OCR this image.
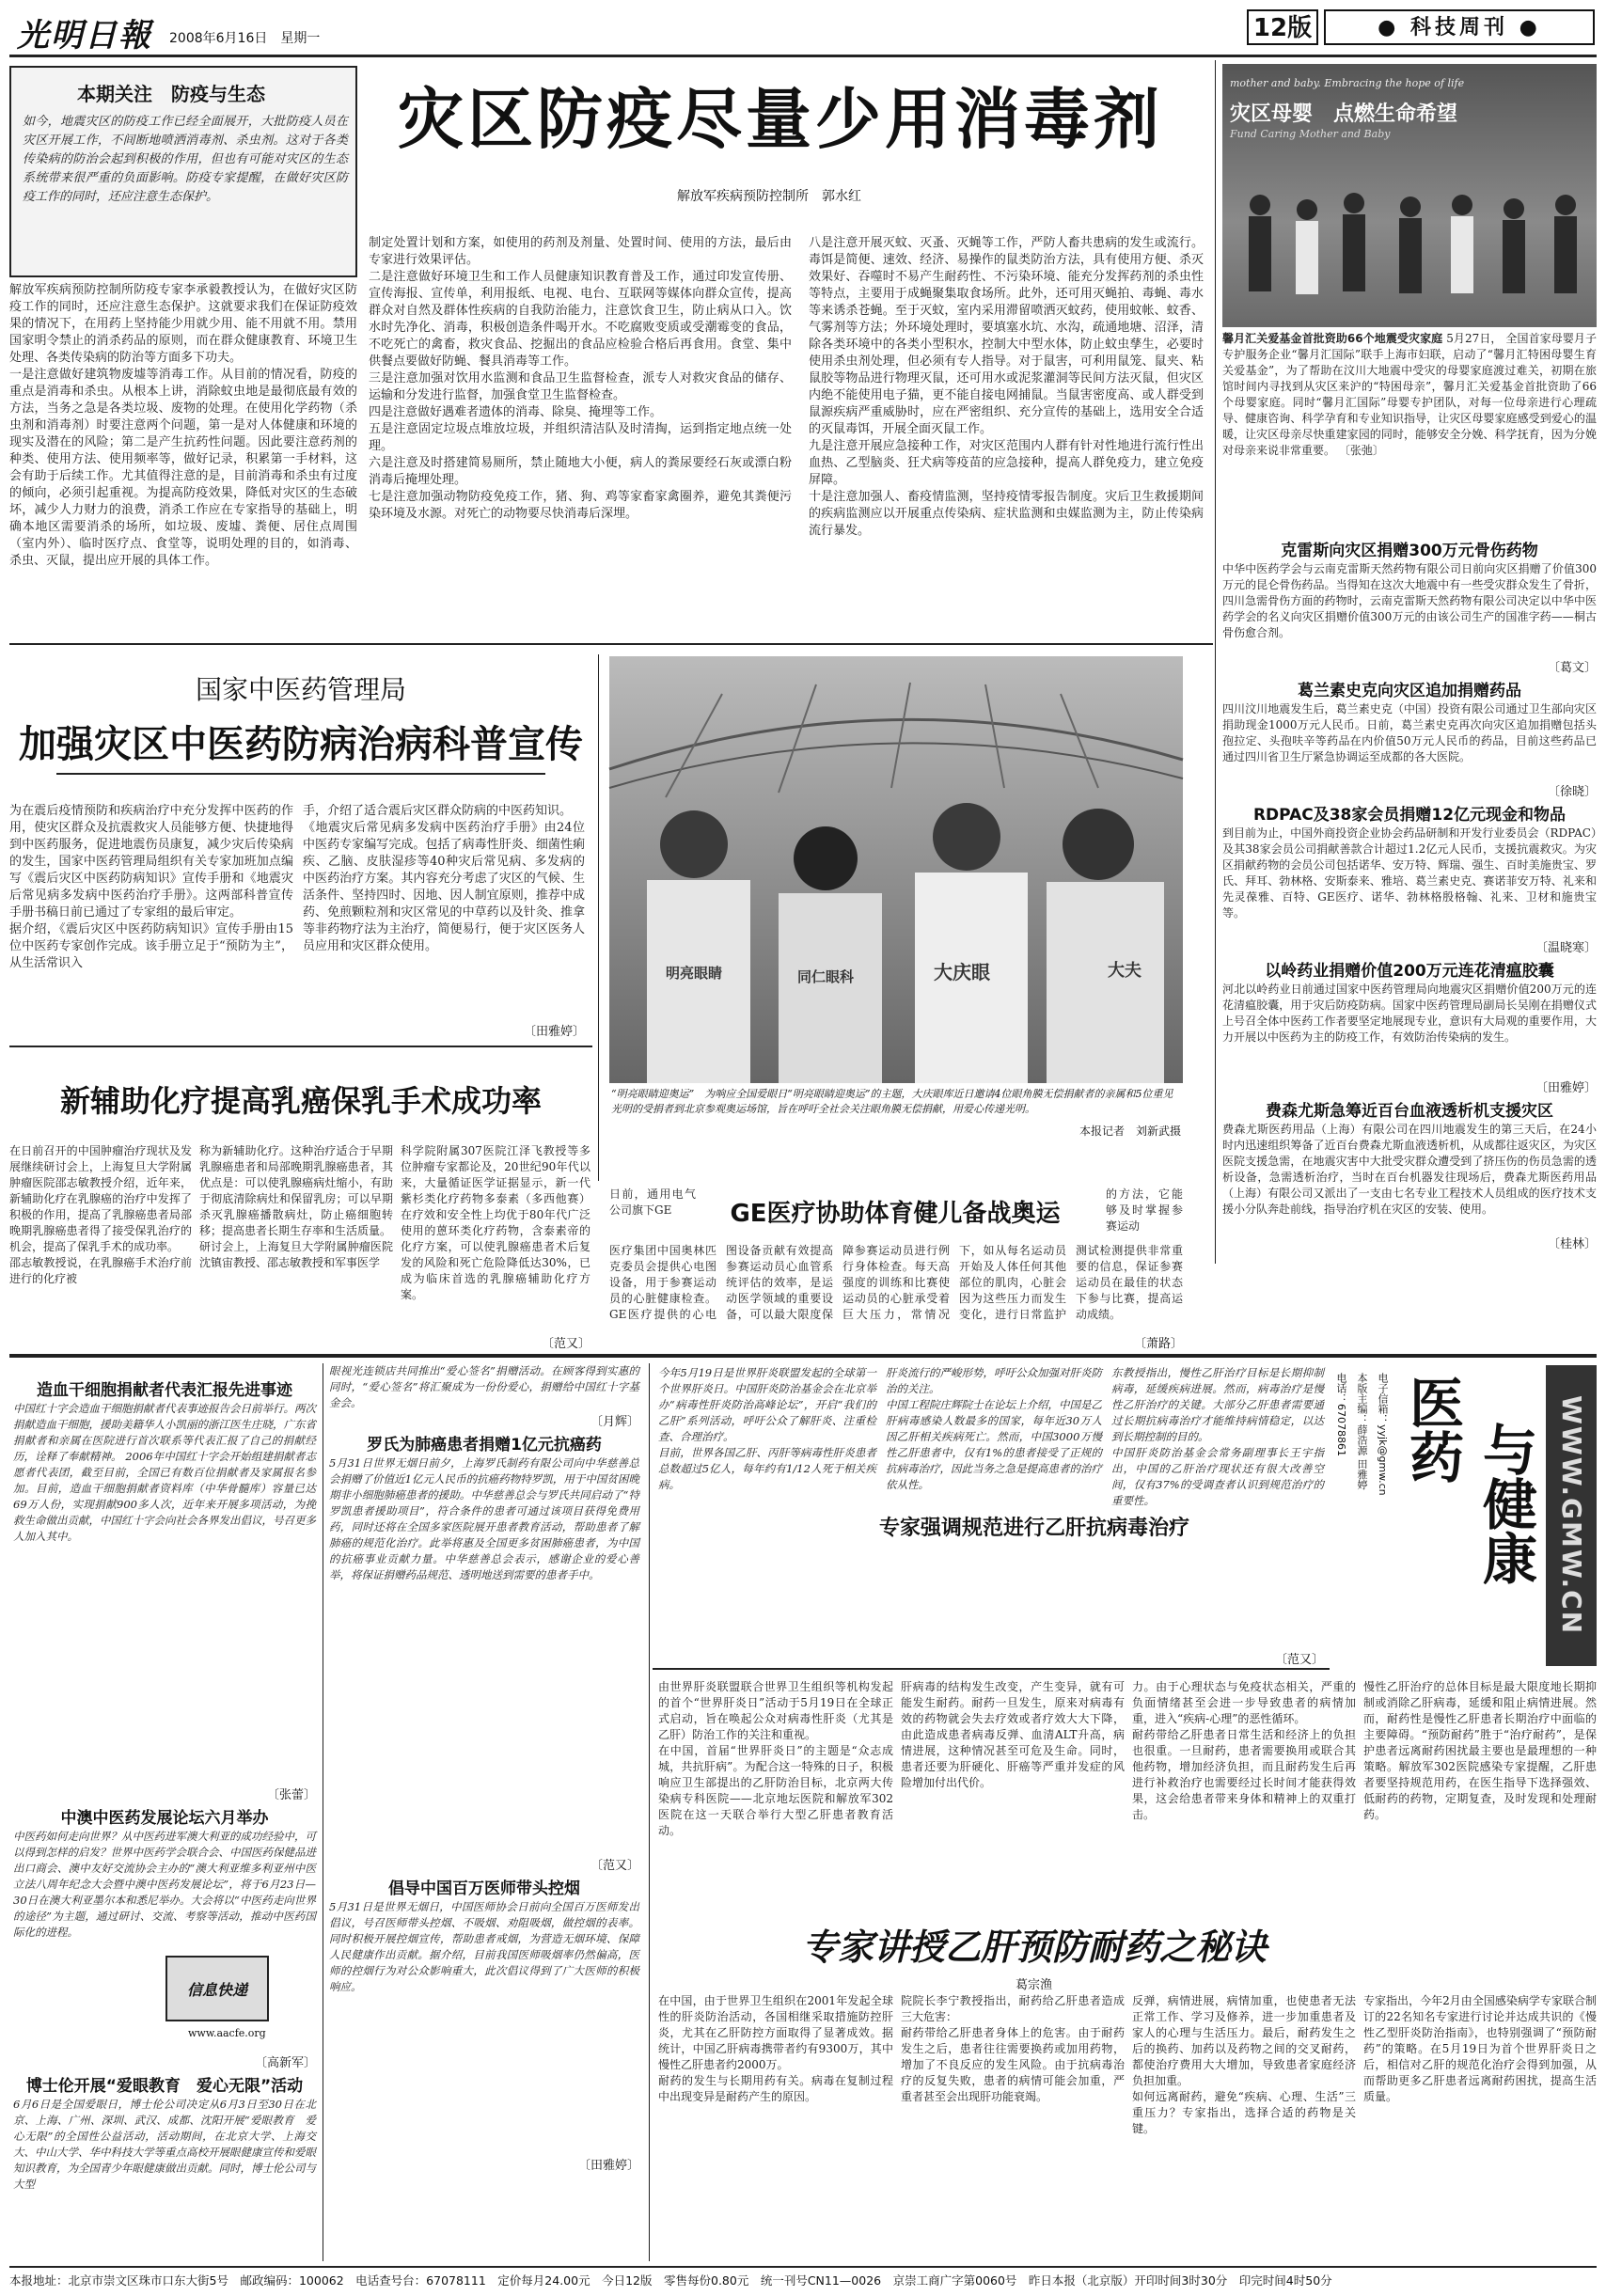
光明日報 2008年6月16日　星期一	12版	● 科技周刊 ●
本期关注　防疫与生态
如今，地震灾区的防疫工作已经全面展开，大批防疫人员在灾区开展工作，不间断地喷洒消毒剂、杀虫剂。这对于各类传染病的防治会起到积极的作用，但也有可能对灾区的生态系统带来很严重的负面影响。防疫专家提醒，在做好灾区防疫工作的同时，还应注意生态保护。
解放军疾病预防控制所防疫专家李承毅教授认为，在做好灾区防疫工作的同时，还应注意生态保护。这就要求我们在保证防疫效果的情况下，在用药上坚持能少用就少用、能不用就不用。禁用国家明令禁止的消杀药品的原则，而在群众健康教育、环境卫生处理、各类传染病的防治等方面多下功夫。
一是注意做好建筑物废墟等消毒工作。从目前的情况看，防疫的重点是消毒和杀虫。从根本上讲，消除蚊虫地是最彻底最有效的方法，当务之急是各类垃圾、废物的处理。在使用化学药物（杀虫剂和消毒剂）时要注意两个问题，第一是对人体健康和环境的现实及潜在的风险；第二是产生抗药性问题。因此要注意药剂的种类、使用方法、使用频率等，做好记录，积累第一手材料，这会有助于后续工作。尤其值得注意的是，目前消毒和杀虫有过度的倾向，必须引起重视。为提高防疫效果，降低对灾区的生态破坏，减少人力财力的浪费，消杀工作应在专家指导的基础上，明确本地区需要消杀的场所，如垃圾、废墟、粪便、居住点周围（室内外）、临时医疗点、食堂等，说明处理的目的，如消毒、杀虫、灭鼠，提出应开展的具体工作。
灾区防疫尽量少用消毒剂
解放军疾病预防控制所　郭水红
制定处置计划和方案，如使用的药剂及剂量、处置时间、使用的方法，最后由专家进行效果评估。
二是注意做好环境卫生和工作人员健康知识教育普及工作，通过印发宣传册、宣传海报、宣传单，利用报纸、电视、电台、互联网等媒体向群众宣传，提高群众对自然及群体性疾病的自我防治能力，注意饮食卫生，防止病从口入。饮水时先净化、消毒，积极创造条件喝开水。不吃腐败变质或受潮霉变的食品，不吃死亡的禽畜，救灾食品、挖掘出的食品应检验合格后再食用。食堂、集中供餐点要做好防蝇、餐具消毒等工作。
三是注意加强对饮用水监测和食品卫生监督检查，派专人对救灾食品的储存、运输和分发进行监督，加强食堂卫生监督检查。
四是注意做好遇难者遗体的消毒、除臭、掩埋等工作。
五是注意固定垃圾点堆放垃圾，并组织清洁队及时清掏，运到指定地点统一处理。
六是注意及时搭建简易厕所，禁止随地大小便，病人的粪尿要经石灰或漂白粉消毒后掩埋处理。
七是注意加强动物防疫免疫工作，猪、狗、鸡等家畜家禽圈养，避免其粪便污染环境及水源。对死亡的动物要尽快消毒后深埋。
八是注意开展灭蚊、灭蚤、灭蝇等工作，严防人畜共患病的发生或流行。毒饵是简便、速效、经济、易操作的鼠类防治方法，具有使用方便、杀灭效果好、吞噬时不易产生耐药性、不污染环境、能充分发挥药剂的杀虫性等特点，主要用于成蝇聚集取食场所。此外，还可用灭蝇拍、毒蝇、毒水等来诱杀苍蝇。至于灭蚊，室内采用滞留喷洒灭蚊药，使用蚊帐、蚊香、气雾剂等方法；外环境处理时，要填塞水坑、水沟，疏通地塘、沼泽，清除各类环境中的各类小型积水，控制大中型水体，防止蚊虫孳生，必要时使用杀虫剂处理，但必须有专人指导。对于鼠害，可利用鼠笼、鼠夹、粘鼠胶等物品进行物理灭鼠，还可用水或泥浆灌洞等民间方法灭鼠，但灾区内绝不能使用电子猫，更不能自接电网捕鼠。当鼠害密度高、或人群受到鼠源疾病严重威胁时，应在严密组织、充分宣传的基础上，选用安全合适的灭鼠毒饵，开展全面灭鼠工作。
九是注意开展应急接种工作，对灾区范围内人群有针对性地进行流行性出血热、乙型脑炎、狂犬病等疫苗的应急接种，提高人群免疫力，建立免疫屏障。
十是注意加强人、畜疫情监测，坚持疫情零报告制度。灾后卫生救援期间的疾病监测应以开展重点传染病、症状监测和虫媒监测为主，防止传染病流行暴发。
mother and baby. Embracing the hope of life
灾区母婴　点燃生命希望
Fund Caring Mother and Baby
馨月汇关爱基金首批资助66个地震受灾家庭 5月27日， 全国首家母婴月子专护服务企业“馨月汇国际”联手上海市妇联，启动了“馨月汇特困母婴生育关爱基金”，为了帮助在汶川大地震中受灾的母婴家庭渡过难关，初期在旅馆时间内寻找到从灾区来沪的“特困母亲”，馨月汇关爱基金首批资助了66个母婴家庭。同时“馨月汇国际”母婴专护团队，对每一位母亲进行心理疏导、健康咨询、科学孕育和专业知识指导，让灾区母婴家庭感受到爱心的温暖，让灾区母亲尽快重建家园的同时，能够安全分娩、科学抚育，因为分娩对母亲来说非常重要。 〔张弛〕
克雷斯向灾区捐赠300万元骨伤药物
中华中医药学会与云南克雷斯天然药物有限公司日前向灾区捐赠了价值300万元的昆仑骨伤药品。当得知在这次大地震中有一些受灾群众发生了骨折，四川急需骨伤方面的药物时，云南克雷斯天然药物有限公司决定以中华中医药学会的名义向灾区捐赠价值300万元的由该公司生产的国准字药——桐古骨伤愈合剂。
〔葛文〕
葛兰素史克向灾区追加捐赠药品
四川汶川地震发生后，葛兰素史克（中国）投资有限公司通过卫生部向灾区捐助现金1000万元人民币。日前，葛兰素史克再次向灾区追加捐赠包括头孢拉定、头孢呋辛等药品在内价值50万元人民币的药品，目前这些药品已通过四川省卫生厅紧急协调运至成都的各大医院。
〔徐晓〕
RDPAC及38家会员捐赠12亿元现金和物品
到目前为止，中国外商投资企业协会药品研制和开发行业委员会（RDPAC）及其38家会员公司捐献善款合计超过1.2亿元人民币，支援抗震救灾。为灾区捐献药物的会员公司包括诺华、安万特、辉瑞、强生、百时美施贵宝、罗氏、拜耳、勃林格、安斯泰来、雅培、葛兰素史克、赛诺菲安万特、礼来和先灵葆雅、百特、GE医疗、诺华、勃林格殷格翰、礼来、卫材和施贵宝等。
〔温晓寒〕
以岭药业捐赠价值200万元连花清瘟胶囊
河北以岭药业日前通过国家中医药管理局向地震灾区捐赠价值200万元的连花清瘟胶囊，用于灾后防疫防病。国家中医药管理局副局长吴刚在捐赠仪式上号召全体中医药工作者要坚定地展现专业，意识有大局观的重要作用，大力开展以中医药为主的防疫工作，有效防治传染病的发生。
〔田雅婷〕
费森尤斯急筹近百台血液透析机支援灾区
费森尤斯医药用品（上海）有限公司在四川地震发生的第三天后，在24小时内迅速组织筹备了近百台费森尤斯血液透析机，从成都往返灾区，为灾区医院支援急需，在地震灾害中大批受灾群众遭受到了挤压伤的伤员急需的透析设备，急需透析治疗，当时在百台机器发往现场后，费森尤斯医药用品（上海）有限公司又派出了一支由七名专业工程技术人员组成的医疗技术支援小分队奔赴前线，指导治疗机在灾区的安装、使用。
〔桂林〕
国家中医药管理局
加强灾区中医药防病治病科普宣传
为在震后疫情预防和疾病治疗中充分发挥中医药的作用，使灾区群众及抗震救灾人员能够方便、快捷地得到中医药服务，促进地震伤员康复，减少灾后传染病的发生，国家中医药管理局组织有关专家加班加点编写《震后灾区中医药防病知识》宣传手册和《地震灾后常见病多发病中医药治疗手册》。这两部科普宣传手册书稿日前已通过了专家组的最后审定。
据介绍，《震后灾区中医药防病知识》宣传手册由15位中医药专家创作完成。该手册立足于“预防为主”，从生活常识入
手，介绍了适合震后灾区群众防病的中医药知识。
《地震灾后常见病多发病中医药治疗手册》由24位中医药专家编写完成。包括了病毒性肝炎、细菌性痢疾、乙脑、皮肤湿疹等40种灾后常见病、多发病的中医药治疗方案。其内容充分考虑了灾区的气候、生活条件、坚持四时、因地、因人制宜原则，推荐中成药、免煎颗粒剂和灾区常见的中草药以及针灸、推拿等非药物疗法为主治疗，简便易行，便于灾区医务人员应用和灾区群众使用。
〔田雅婷〕
明亮眼睛	同仁眼科	大庆眼	大夫
“明亮眼睛迎奥运”　为响应全国爱眼日“明亮眼睛迎奥运”的主题，大庆眼库近日邀请4位眼角膜无偿捐献者的亲属和5位重见光明的受捐者到北京参观奥运场馆，旨在呼吁全社会关注眼角膜无偿捐献，用爱心传递光明。
本报记者　刘新武摄
新辅助化疗提高乳癌保乳手术成功率
在日前召开的中国肿瘤治疗现状及发展继续研讨会上，上海复旦大学附属肿瘤医院邵志敏教授介绍，近年来，新辅助化疗在乳腺癌的治疗中发挥了积极的作用，提高了乳腺癌患者局部晚期乳腺癌患者得了接受保乳治疗的机会，提高了保乳手术的成功率。
邵志敏教授说，在乳腺癌手术治疗前进行的化疗被
称为新辅助化疗。这种治疗适合于早期乳腺癌患者和局部晚期乳腺癌患者，其优点是：可以使乳腺癌病灶缩小，有助于彻底清除病灶和保留乳房；可以早期杀灭乳腺癌播散病灶，防止癌细胞转移；提高患者长期生存率和生活质量。
研讨会上，上海复旦大学附属肿瘤医院沈镇宙教授、邵志敏教授和军事医学
科学院附属307医院江泽飞教授等多位肿瘤专家都论及，20世纪90年代以来，大量循证医学证据显示，新一代紫杉类化疗药物多泰素（多西他赛）在疗效和安全性上均优于80年代广泛使用的蒽环类化疗药物，含泰素帝的化疗方案，可以使乳腺癌患者术后复发的风险和死亡危险降低达30%，已成为临床首选的乳腺癌辅助化疗方案。
〔范又〕
日前，通用电气公司旗下GE	GE医疗协助体育健儿备战奥运
的方法，它能够及时掌握参赛运动
医疗集团中国奥林匹克委员会提供心电图设备，用于参赛运动员的心脏健康检查。GE医疗提供的心电图设备贡献有效提高参赛运动员心血管系统评估的效率，是运动医学领域的重要设备，可以最大限度保障参赛运动员进行例行身体检查。每天高强度的训练和比赛使运动员的心脏承受着巨大压力，常情况下，如从每名运动员开始及人体任何其他部位的肌肉，心脏会因为这些压力而发生变化，进行日常监护测试检测提供非常重要的信息，保证参赛运动员在最佳的状态下参与比赛，提高运动成绩。
〔萧路〕
造血干细胞捐献者代表汇报先进事迹
中国红十字会造血干细胞捐献者代表事迹报告会日前举行。两次捐献造血干细胞，援助美籍华人小凯丽的浙江医生庄晓，广东省捐献者和亲属在医院进行首次联系等代表汇报了自己的捐献经历，诠释了奉献精神。 2006年中国红十字会开始组建捐献者志愿者代表团，截至目前，全国已有数百位捐献者及家属报名参加。目前，造血干细胞捐献者资料库（中华骨髓库）容量已达69万人份，实现捐献900多人次，近年来开展多项活动，为挽救生命做出贡献，中国红十字会向社会各界发出倡议，号召更多人加入其中。
〔张蕾〕
中澳中医药发展论坛六月举办
中医药如何走向世界？从中医药进军澳大利亚的成功经验中，可以得到怎样的启发？世界中医药学会联合会、中国医药保健品进出口商会、澳中友好交流协会主办的“澳大利亚维多利亚州中医立法八周年纪念大会暨中澳中医药发展论坛”，将于6月23日—30日在澳大利亚墨尔本和悉尼举办。大会将以“中医药走向世界的途径”为主题，通过研讨、交流、考察等活动，推动中医药国际化的进程。
〔高新军〕
博士伦开展“爱眼教育　爱心无限”活动
6月6日是全国爱眼日，博士伦公司决定从6月3日至30日在北京、上海、广州、深圳、武汉、成都、沈阳开展“爱眼教育　爱心无限”的全国性公益活动，活动期间，在北京大学、上海交大、中山大学、华中科技大学等重点高校开展眼健康宣传和爱眼知识教育，为全国青少年眼健康做出贡献。同时，博士伦公司与大型
眼视光连锁店共同推出“爱心签名”捐赠活动。在顾客得到实惠的同时，“爱心签名”将汇聚成为一份份爱心，捐赠给中国红十字基金会。
〔月辉〕
罗氏为肺癌患者捐赠1亿元抗癌药
5月31日世界无烟日前夕，上海罗氏制药有限公司向中华慈善总会捐赠了价值近1亿元人民币的抗癌药物特罗凯，用于中国贫困晚期非小细胞肺癌患者的援助。中华慈善总会与罗氏共同启动了“特罗凯患者援助项目”，符合条件的患者可通过该项目获得免费用药，同时还将在全国多家医院展开患者教育活动，帮助患者了解肺癌的规范化治疗。此举将惠及全国更多贫困肺癌患者，为中国的抗癌事业贡献力量。中华慈善总会表示，感谢企业的爱心善举，将保证捐赠药品规范、透明地送到需要的患者手中。
〔范又〕
倡导中国百万医师带头控烟
5月31日是世界无烟日，中国医师协会日前向全国百万医师发出倡议，号召医师带头控烟、不吸烟、劝阻吸烟，做控烟的表率。同时积极开展控烟宣传，帮助患者戒烟，为营造无烟环境、保障人民健康作出贡献。据介绍，目前我国医师吸烟率仍然偏高，医师的控烟行为对公众影响重大，此次倡议得到了广大医师的积极响应。
〔田雅婷〕
信息快递
www.aacfe.org
今年5月19日是世界肝炎联盟发起的全球第一个世界肝炎日。中国肝炎防治基金会在北京举办“病毒性肝炎防治高峰论坛”，开启“我们的乙肝”系列活动，呼吁公众了解肝炎、注重检查、合理治疗。
目前，世界各国乙肝、丙肝等病毒性肝炎患者总数超过5亿人，每年约有1/12人死于相关疾病。
肝炎流行的严峻形势，呼吁公众加强对肝炎防治的关注。
中国工程院庄辉院士在论坛上介绍，中国是乙肝病毒感染人数最多的国家，每年近30万人因乙肝相关疾病死亡。然而，中国3000万慢性乙肝患者中，仅有1%的患者接受了正规的抗病毒治疗，因此当务之急是提高患者的治疗依从性。
东教授指出，慢性乙肝治疗目标是长期抑制病毒，延缓疾病进展。然而，病毒治疗是慢性乙肝治疗的关键。大部分乙肝患者需要通过长期抗病毒治疗才能维持病情稳定，以达到长期控制的目的。
中国肝炎防治基金会常务副理事长王宇指出，中国的乙肝治疗现状还有很大改善空间，仅有37%的受调查者认识到规范治疗的重要性。
专家强调规范进行乙肝抗病毒治疗
〔范又〕
电话：67078861 本版主编：薛浩源 田雅婷 电子信箱：yyjk@gmw.cn 医药 与健康 WWW.GMW.CN
由世界肝炎联盟联合世界卫生组织等机构发起的首个“世界肝炎日”活动于5月19日在全球正式启动，旨在唤起公众对病毒性肝炎（尤其是乙肝）防治工作的关注和重视。
在中国，首届“世界肝炎日”的主题是“众志成城，共抗肝病”。为配合这一特殊的日子，积极响应卫生部提出的乙肝防治目标，北京两大传染病专科医院——北京地坛医院和解放军302医院在这一天联合举行大型乙肝患者教育活动。
肝病毒的结构发生改变，产生变异，就有可能发生耐药。耐药一旦发生，原来对病毒有效的药物就会失去疗效或者疗效大大下降，由此造成患者病毒反弹、血清ALT升高，病情进展，这种情况甚至可危及生命。同时，患者还要为肝硬化、肝癌等严重并发症的风险增加付出代价。
力。由于心理状态与免疫状态相关，严重的负面情绪甚至会进一步导致患者的病情加重，进入“疾病-心理”的恶性循环。
耐药带给乙肝患者日常生活和经济上的负担也很重。一旦耐药，患者需要换用或联合其他药物，增加经济负担，而且耐药发生后再进行补救治疗也需要经过长时间才能获得效果，这会给患者带来身体和精神上的双重打击。
慢性乙肝治疗的总体目标是最大限度地长期抑制或消除乙肝病毒，延缓和阻止病情进展。然而，耐药性是慢性乙肝患者长期治疗中面临的主要障碍。“预防耐药”胜于“治疗耐药”，是保护患者远离耐药困扰最主要也是最理想的一种策略。解放军302医院感染专家提醒，乙肝患者要坚持规范用药，在医生指导下选择强效、低耐药的药物，定期复查，及时发现和处理耐药。
专家讲授乙肝预防耐药之秘诀
葛宗渔
在中国，由于世界卫生组织在2001年发起全球性的肝炎防治活动，各国相继采取措施防控肝炎，尤其在乙肝防控方面取得了显著成效。据统计，中国乙肝病毒携带者约有9300万，其中慢性乙肝患者约2000万。
耐药的发生与长期用药有关。病毒在复制过程中出现变异是耐药产生的原因。
院院长李宁教授指出，耐药给乙肝患者造成三大危害：
耐药带给乙肝患者身体上的危害。由于耐药发生之后，患者往往需要换药或加用药物，增加了不良反应的发生风险。由于抗病毒治疗的反复失败，患者的病情可能会加重，严重者甚至会出现肝功能衰竭。
反弹，病情进展，病情加重，也使患者无法正常工作、学习及修养，进一步加重患者及家人的心理与生活压力。最后，耐药发生之后的换药、加药以及药物之间的交叉耐药，都使治疗费用大大增加，导致患者家庭经济负担加重。
如何远离耐药，避免“疾病、心理、生活”三重压力？专家指出，选择合适的药物是关键。
专家指出，今年2月由全国感染病学专家联合制订的22名知名专家进行讨论并达成共识的《慢性乙型肝炎防治指南》，也特别强调了“预防耐药”的策略。在5月19日为首个世界肝炎日之后，相信对乙肝的规范化治疗会得到加强，从而帮助更多乙肝患者远离耐药困扰，提高生活质量。
本报地址：北京市崇文区珠市口东大街5号　邮政编码：100062　电话查号台：67078111　定价每月24.00元　今日12版　零售每份0.80元　统一刊号CN11—0026　京崇工商广字第0060号　昨日本报（北京版）开印时间3时30分　印完时间4时50分
